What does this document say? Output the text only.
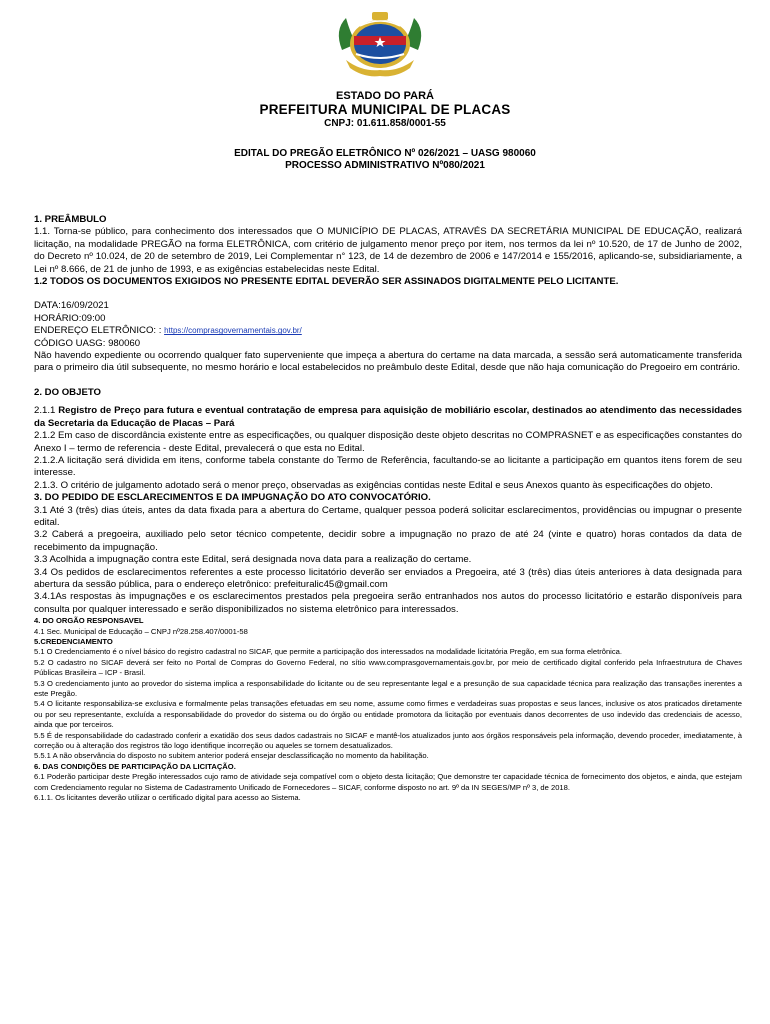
ESTADO DO PARÁ
PREFEITURA MUNICIPAL DE PLACAS
CNPJ: 01.611.858/0001-55
EDITAL DO PREGÃO ELETRÔNICO Nº 026/2021 – UASG 980060
PROCESSO ADMINISTRATIVO Nº080/2021

1. PREÂMBULO

1.1. Torna-se público, para conhecimento dos interessados que O MUNICÍPIO DE PLACAS, ATRAVÉS DA SECRETÁRIA MUNICIPAL DE EDUCAÇÃO, realizará licitação, na modalidade PREGÃO na forma ELETRÔNICA, com critério de julgamento menor preço por item, nos termos da lei nº 10.520, de 17 de Junho de 2002, do Decreto nº 10.024, de 20 de setembro de 2019, Lei Complementar n° 123, de 14 de dezembro de 2006 e 147/2014 e 155/2016, aplicando-se, subsidiariamente, a Lei nº 8.666, de 21 de junho de 1993, e as exigências estabelecidas neste Edital.

1.2 TODOS OS DOCUMENTOS EXIGIDOS NO PRESENTE EDITAL DEVERÃO SER ASSINADOS DIGITALMENTE PELO LICITANTE.

DATA:16/09/2021

HORÁRIO:09:00

ENDEREÇO ELETRÔNICO: : https://comprasgovernamentais.gov.br/

CÓDIGO UASG: 980060

Não havendo expediente ou ocorrendo qualquer fato superveniente que impeça a abertura do certame na data marcada, a sessão será automaticamente transferida para o primeiro dia útil subsequente, no mesmo horário e local estabelecidos no preâmbulo deste Edital, desde que não haja comunicação do Pregoeiro em contrário.

2. DO OBJETO

2.1.1 Registro de Preço para futura e eventual contratação de empresa para aquisição de mobiliário escolar, destinados ao atendimento das necessidades da Secretaria da Educação de Placas – Pará

2.1.2 Em caso de discordância existente entre as especificações, ou qualquer disposição deste objeto descritas no COMPRASNET e as especificações constantes do Anexo I – termo de referencia - deste Edital, prevalecerá o que esta no Edital.

2.1.2.A licitação será dividida em itens, conforme tabela constante do Termo de Referência, facultando-se ao licitante a participação em quantos itens forem de seu interesse.

2.1.3. O critério de julgamento adotado será o menor preço, observadas as exigências contidas neste Edital e seus Anexos quanto às especificações do objeto.

3. DO PEDIDO DE ESCLARECIMENTOS E DA IMPUGNAÇÃO DO ATO CONVOCATÓRIO.

3.1 Até 3 (três) dias úteis, antes da data fixada para a abertura do Certame, qualquer pessoa poderá solicitar esclarecimentos, providências ou impugnar o presente edital.

3.2 Caberá a pregoeira, auxiliado pelo setor técnico competente, decidir sobre a impugnação no prazo de até 24 (vinte e quatro) horas contados da data de recebimento da impugnação.

3.3 Acolhida a impugnação contra este Edital, será designada nova data para a realização do certame.

3.4 Os pedidos de esclarecimentos referentes a este processo licitatório deverão ser enviados a Pregoeira, até 3 (três) dias úteis anteriores à data designada para abertura da sessão pública, para o endereço eletrônico: prefeituralic45@gmail.com

3.4.1As respostas às impugnações e os esclarecimentos prestados pela pregoeira serão entranhados nos autos do processo licitatório e estarão disponíveis para consulta por qualquer interessado e serão disponibilizados no sistema eletrônico para interessados.

4. DO ORGÃO RESPONSAVEL

4.1 Sec. Municipal de Educação – CNPJ nº28.258.407/0001-58

5.CREDENCIAMENTO

5.1 O Credenciamento é o nível básico do registro cadastral no SICAF, que permite a participação dos interessados na modalidade licitatória Pregão, em sua forma eletrônica.

5.2 O cadastro no SICAF deverá ser feito no Portal de Compras do Governo Federal, no sítio www.comprasgovernamentais.gov.br, por meio de certificado digital conferido pela Infraestrutura de Chaves Públicas Brasileira – ICP - Brasil.

5.3 O credenciamento junto ao provedor do sistema implica a responsabilidade do licitante ou de seu representante legal e a presunção de sua capacidade técnica para realização das transações inerentes a este Pregão.

5.4 O licitante responsabiliza-se exclusiva e formalmente pelas transações efetuadas em seu nome, assume como firmes e verdadeiras suas propostas e seus lances, inclusive os atos praticados diretamente ou por seu representante, excluída a responsabilidade do provedor do sistema ou do órgão ou entidade promotora da licitação por eventuais danos decorrentes de uso indevido das credenciais de acesso, ainda que por terceiros.

5.5 É de responsabilidade do cadastrado conferir a exatidão dos seus dados cadastrais no SICAF e mantê-los atualizados junto aos órgãos responsáveis pela informação, devendo proceder, imediatamente, à correção ou à alteração dos registros tão logo identifique incorreção ou aqueles se tornem desatualizados.

5.5.1 A não observância do disposto no subitem anterior poderá ensejar desclassificação no momento da habilitação.

6. DAS CONDIÇÕES DE PARTICIPAÇÃO DA LICITAÇÃO.

6.1 Poderão participar deste Pregão interessados cujo ramo de atividade seja compatível com o objeto desta licitação; Que demonstre ter capacidade técnica de fornecimento dos objetos, e ainda, que estejam com Credenciamento regular no Sistema de Cadastramento Unificado de Fornecedores – SICAF, conforme disposto no art. 9º da IN SEGES/MP nº 3, de 2018.

6.1.1. Os licitantes deverão utilizar o certificado digital para acesso ao Sistema.
